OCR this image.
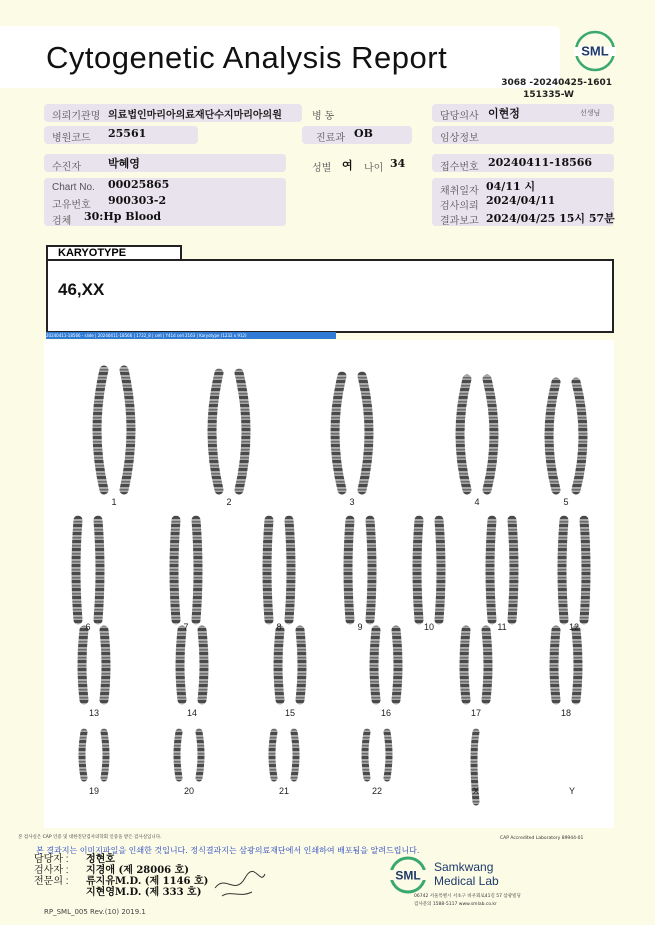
Cytogenetic Analysis Report	SML
3068 -20240425-1601
151335-W
의뢰기관명 의료법인마리아의료재단수지마리아의원	병 동	담당의사 이현정	선생님
병원코드 25561	진료과 OB	임상정보
수진자 박혜영	성별 여 나이 34	접수번호 20240411-18566
Chart No. 00025865
고유번호 900303-2
검체 30:Hp Blood
채취일자 04/11 시
검사의뢰 2024/04/11
결과보고 2024/04/25 15시 57분
KARYOTYPE
46,XX
20240411-18566 - slide | 20240411-18566 | 1722_8 | cell | Y41d cell 2163 | Karyotype (1232 x 912)
1	2	3	4	5
6	7	8	9	10	11	12
13	14	15	16	17	18
19	20	21	22	X	Y
본 검사실은 CAP 인증 및 대한진단검사의학회 인증을 받은 검사실입니다.	CAP Accredited Laboratory 89944-01
본 결과지는 이미지파일을 인쇄한 것입니다. 정식결과지는 삼광의료재단에서 인쇄하여 배포됨을 알려드립니다.
담당자 :	정현호
검사자 :	지경애 (제 28006 호)
전문의 :	류지유M.D. (제 1146 호)
지현영M.D. (제 333 호)
RP_SML_005 Rev.(10) 2019.1
SML
Samkwang
Medical Lab
06742 서울특별시 서초구 바우뫼로41길 57 삼광빌딩
검사문의 1588-5117 www.smlab.co.kr
